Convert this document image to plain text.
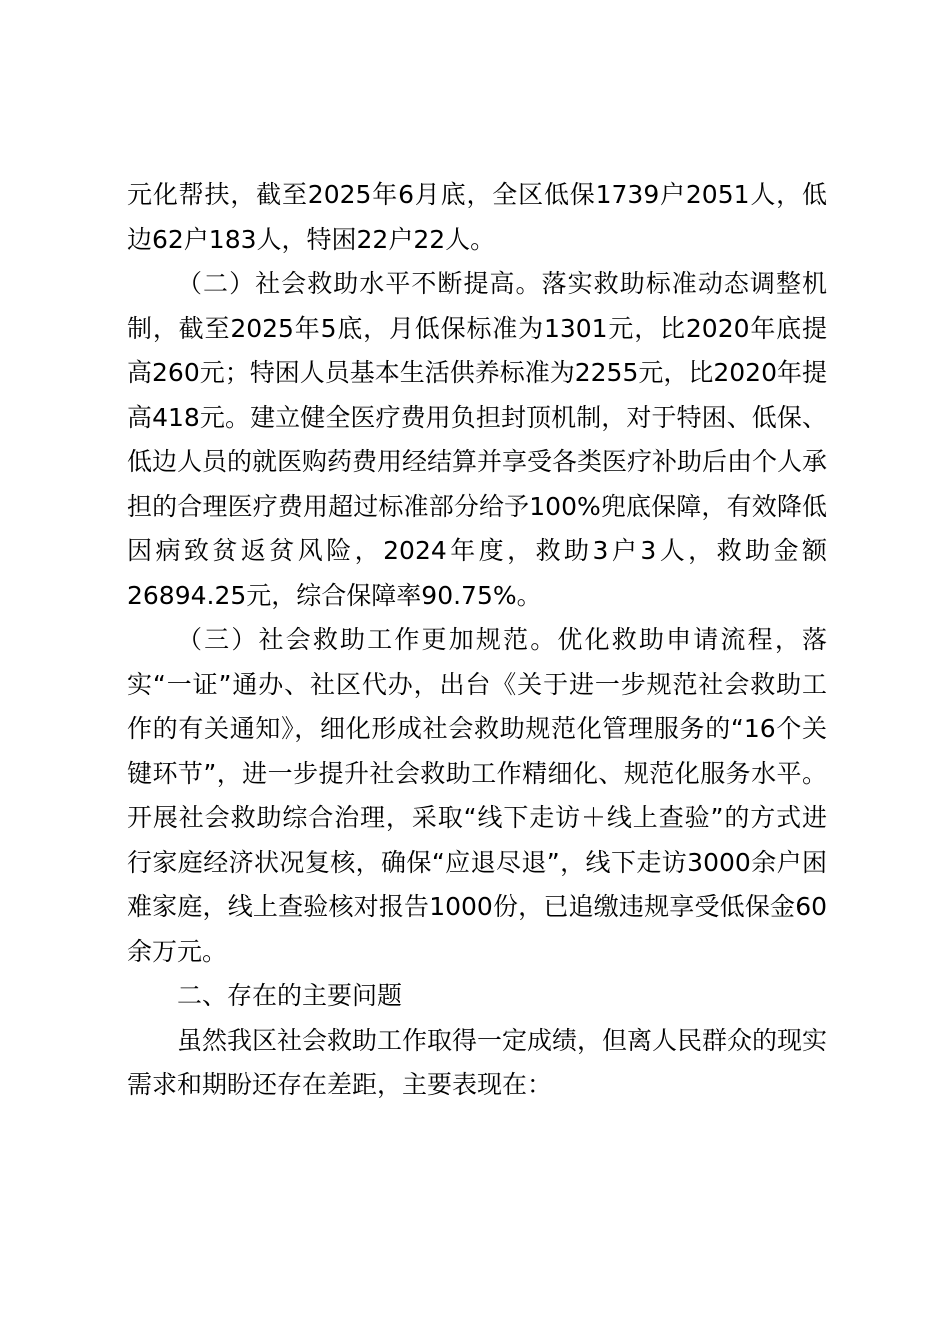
元化帮扶，截至2025年6月底，全区低保1739户2051人，低边62户183人，特困22户22人。

（二）社会救助水平不断提高。落实救助标准动态调整机制，截至2025年5底，月低保标准为1301元，比2020年底提高260元；特困人员基本生活供养标准为2255元，比2020年提高418元。建立健全医疗费用负担封顶机制，对于特困、低保、低边人员的就医购药费用经结算并享受各类医疗补助后由个人承担的合理医疗费用超过标准部分给予100%兜底保障，有效降低因病致贫返贫风险，2024年度，救助3户3人，救助金额26894.25元，综合保障率90.75%。

（三）社会救助工作更加规范。优化救助申请流程，落实“一证”通办、社区代办，出台《关于进一步规范社会救助工作的有关通知》，细化形成社会救助规范化管理服务的“16个关键环节”，进一步提升社会救助工作精细化、规范化服务水平。开展社会救助综合治理，采取“线下走访＋线上查验”的方式进行家庭经济状况复核，确保“应退尽退”，线下走访3000余户困难家庭，线上查验核对报告1000份，已追缴违规享受低保金60余万元。

二、存在的主要问题

虽然我区社会救助工作取得一定成绩，但离人民群众的现实需求和期盼还存在差距，主要表现在：
